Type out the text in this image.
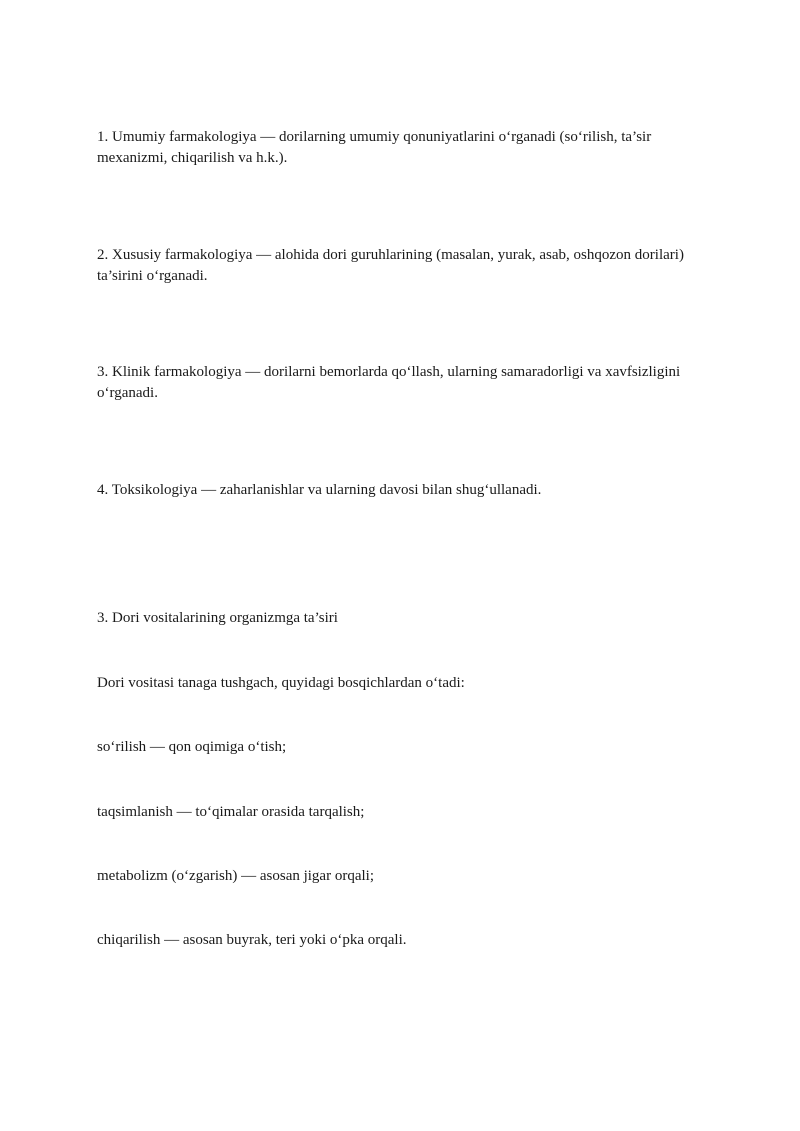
1. Umumiy farmakologiya — dorilarning umumiy qonuniyatlarini o‘rganadi (so‘rilish, ta’sir mexanizmi, chiqarilish va h.k.).

2. Xususiy farmakologiya — alohida dori guruhlarining (masalan, yurak, asab, oshqozon dorilari) ta’sirini o‘rganadi.

3. Klinik farmakologiya — dorilarni bemorlarda qo‘llash, ularning samaradorligi va xavfsizligini o‘rganadi.

4. Toksikologiya — zaharlanishlar va ularning davosi bilan shug‘ullanadi.

3. Dori vositalarining organizmga ta’siri

Dori vositasi tanaga tushgach, quyidagi bosqichlardan o‘tadi:

so‘rilish — qon oqimiga o‘tish;

taqsimlanish — to‘qimalar orasida tarqalish;

metabolizm (o‘zgarish) — asosan jigar orqali;

chiqarilish — asosan buyrak, teri yoki o‘pka orqali.
